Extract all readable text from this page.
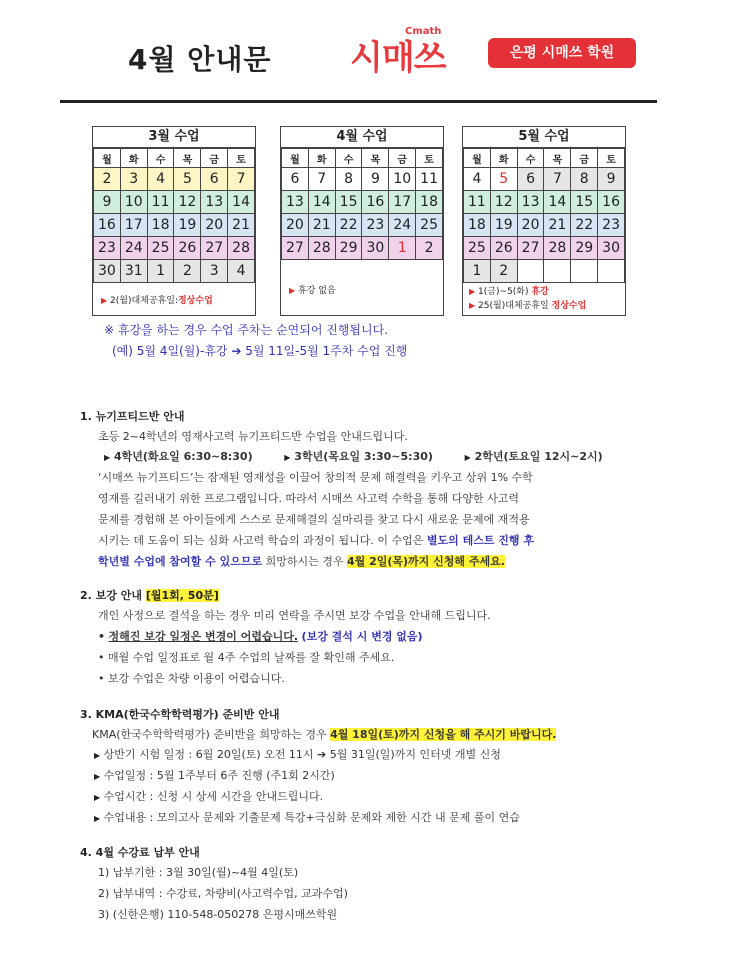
4월 안내문
Cmath
시매쓰	은평 시매쓰 학원
3월 수업
월	화	수	목	금	토
2	3	4	5	6	7
9	10	11	12	13	14
16	17	18	19	20	21
23	24	25	26	27	28
30	31	1	2	3	4
▶ 2(월)대체공휴일:정상수업
4월 수업
월	화	수	목	금	토
6	7	8	9	10	11
13	14	15	16	17	18
20	21	22	23	24	25
27	28	29	30	1	2
▶ 휴강 없음
5월 수업
월	화	수	목	금	토
4	5	6	7	8	9
11	12	13	14	15	16
18	19	20	21	22	23
25	26	27	28	29	30
1	2				
▶ 1(금)~5(화) 휴강
▶ 25(월)대체공휴일 정상수업
※ 휴강을 하는 경우 수업 주차는 순연되어 진행됩니다.
(예) 5월 4일(월)-휴강 ➔ 5월 11일-5월 1주차 수업 진행
1. 뉴기프티드반 안내
초등 2~4학년의 영재사고력 뉴기프티드반 수업을 안내드립니다.
▶ 4학년(화요일 6:30~8:30)	▶ 3학년(목요일 3:30~5:30)	▶ 2학년(토요일 12시~2시)
‘시매쓰 뉴기프티드’는 잠재된 영재성을 이끌어 창의적 문제 해결력을 키우고 상위 1% 수학
영재를 길러내기 위한 프로그램입니다. 따라서 시매쓰 사고력 수학을 통해 다양한 사고력
문제를 경험해 본 아이들에게 스스로 문제해결의 실마리를 찾고 다시 새로운 문제에 재적용
시키는 데 도움이 되는 심화 사고력 학습의 과정이 됩니다. 이 수업은 별도의 테스트 진행 후
학년별 수업에 참여할 수 있으므로 희망하시는 경우 4월 2일(목)까지 신청해 주세요.
2. 보강 안내 [월1회, 50분]
개인 사정으로 결석을 하는 경우 미리 연락을 주시면 보강 수업을 안내해 드립니다.
• 정해진 보강 일정은 변경이 어렵습니다. (보강 결석 시 변경 없음)
• 매월 수업 일정표로 월 4주 수업의 날짜를 잘 확인해 주세요.
• 보강 수업은 차량 이용이 어렵습니다.
3. KMA(한국수학학력평가) 준비반 안내
KMA(한국수학학력평가) 준비반을 희망하는 경우 4월 18일(토)까지 신청을 해 주시기 바랍니다.
▶ 상반기 시험 일정 : 6월 20일(토) 오전 11시 ➔ 5월 31일(일)까지 인터넷 개별 신청
▶ 수업일정 : 5월 1주부터 6주 진행 (주1회 2시간)
▶ 수업시간 : 신청 시 상세 시간을 안내드립니다.
▶ 수업내용 : 모의고사 문제와 기출문제 특강+극심화 문제와 제한 시간 내 문제 풀이 연습
4. 4월 수강료 납부 안내
1) 납부기한 : 3월 30일(월)~4월 4일(토)
2) 납부내역 : 수강료, 차량비(사고력수업, 교과수업)
3) (신한은행) 110-548-050278 은평시매쓰학원
